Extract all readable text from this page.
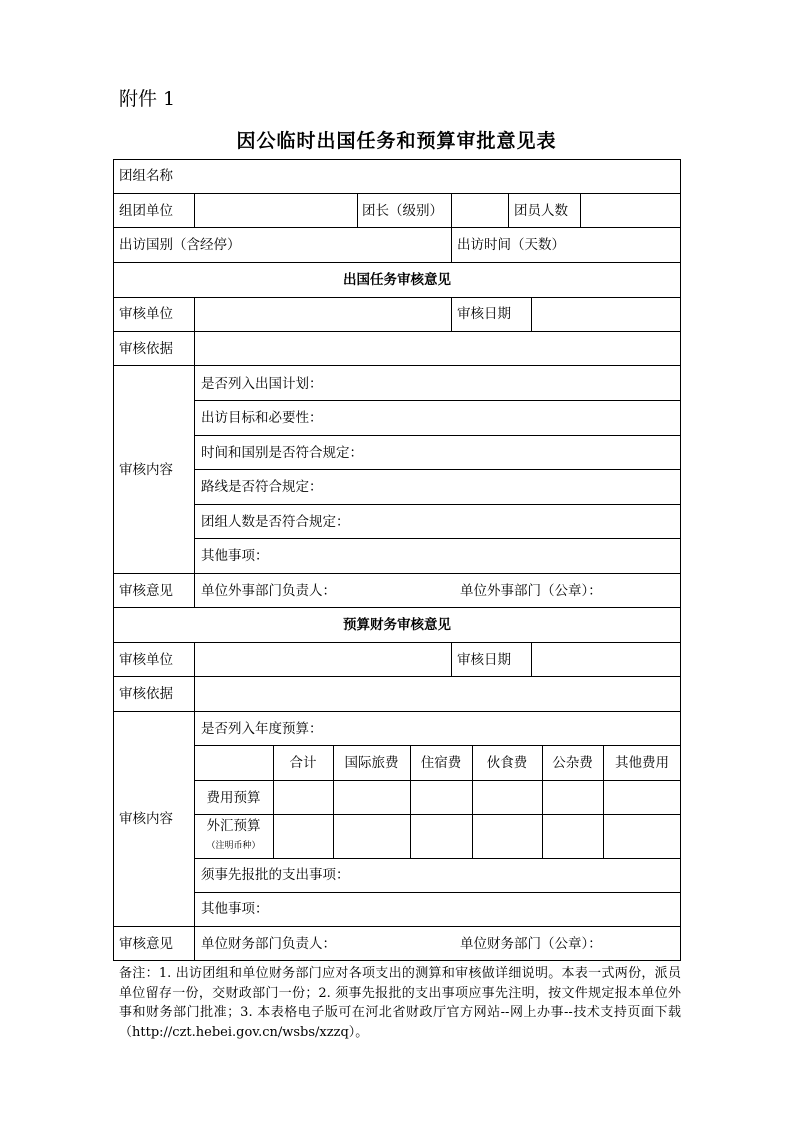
附件 1
因公临时出国任务和预算审批意见表
团组名称
组团单位	团长（级别）	团员人数
出访国别（含经停）	出访时间（天数）
出国任务审核意见
审核单位	审核日期
审核依据
审核内容
是否列入出国计划：
出访目标和必要性：
时间和国别是否符合规定：
路线是否符合规定：
团组人数是否符合规定：
其他事项：
审核意见 单位外事部门负责人：	单位外事部门（公章）：
预算财务审核意见
审核单位	审核日期
审核依据
审核内容
是否列入年度预算：
合计	国际旅费	住宿费	伙食费	公杂费	其他费用
费用预算
外汇预算
（注明币种）
须事先报批的支出事项：
其他事项：
审核意见 单位财务部门负责人：	单位财务部门（公章）：
备注：1. 出访团组和单位财务部门应对各项支出的测算和审核做详细说明。本表一式两份，派员单位留存一份，交财政部门一份；2. 须事先报批的支出事项应事先注明，按文件规定报本单位外事和财务部门批准；3. 本表格电子版可在河北省财政厅官方网站--网上办事--技术支持页面下载（http://czt.hebei.gov.cn/wsbs/xzzq）。
